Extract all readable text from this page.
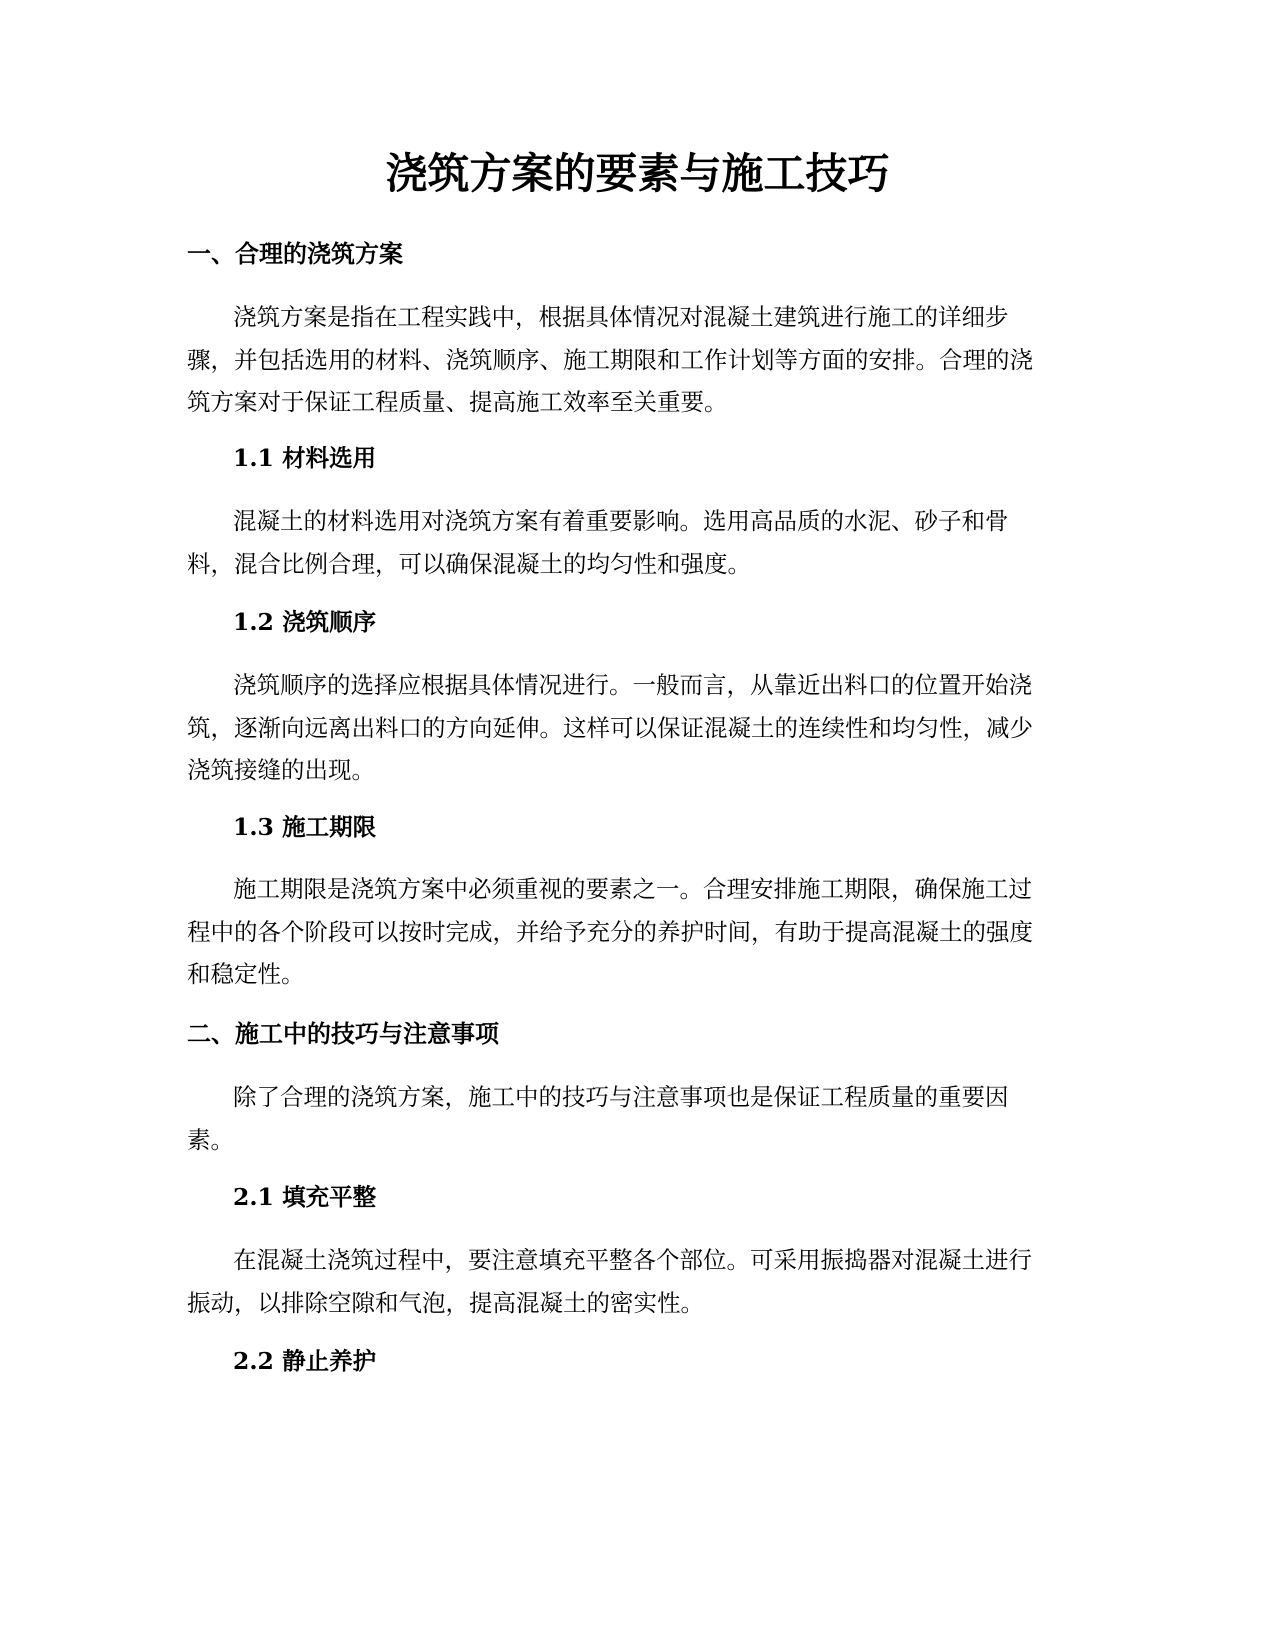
浇筑方案的要素与施工技巧
一、合理的浇筑方案

浇筑方案是指在工程实践中，根据具体情况对混凝土建筑进行施工的详细步
骤，并包括选用的材料、浇筑顺序、施工期限和工作计划等方面的安排。合理的浇
筑方案对于保证工程质量、提高施工效率至关重要。

1.1 材料选用

混凝土的材料选用对浇筑方案有着重要影响。选用高品质的水泥、砂子和骨
料，混合比例合理，可以确保混凝土的均匀性和强度。

1.2 浇筑顺序

浇筑顺序的选择应根据具体情况进行。一般而言，从靠近出料口的位置开始浇
筑，逐渐向远离出料口的方向延伸。这样可以保证混凝土的连续性和均匀性，减少
浇筑接缝的出现。

1.3 施工期限

施工期限是浇筑方案中必须重视的要素之一。合理安排施工期限，确保施工过
程中的各个阶段可以按时完成，并给予充分的养护时间，有助于提高混凝土的强度
和稳定性。

二、施工中的技巧与注意事项

除了合理的浇筑方案，施工中的技巧与注意事项也是保证工程质量的重要因
素。

2.1 填充平整

在混凝土浇筑过程中，要注意填充平整各个部位。可采用振捣器对混凝土进行
振动，以排除空隙和气泡，提高混凝土的密实性。

2.2 静止养护
